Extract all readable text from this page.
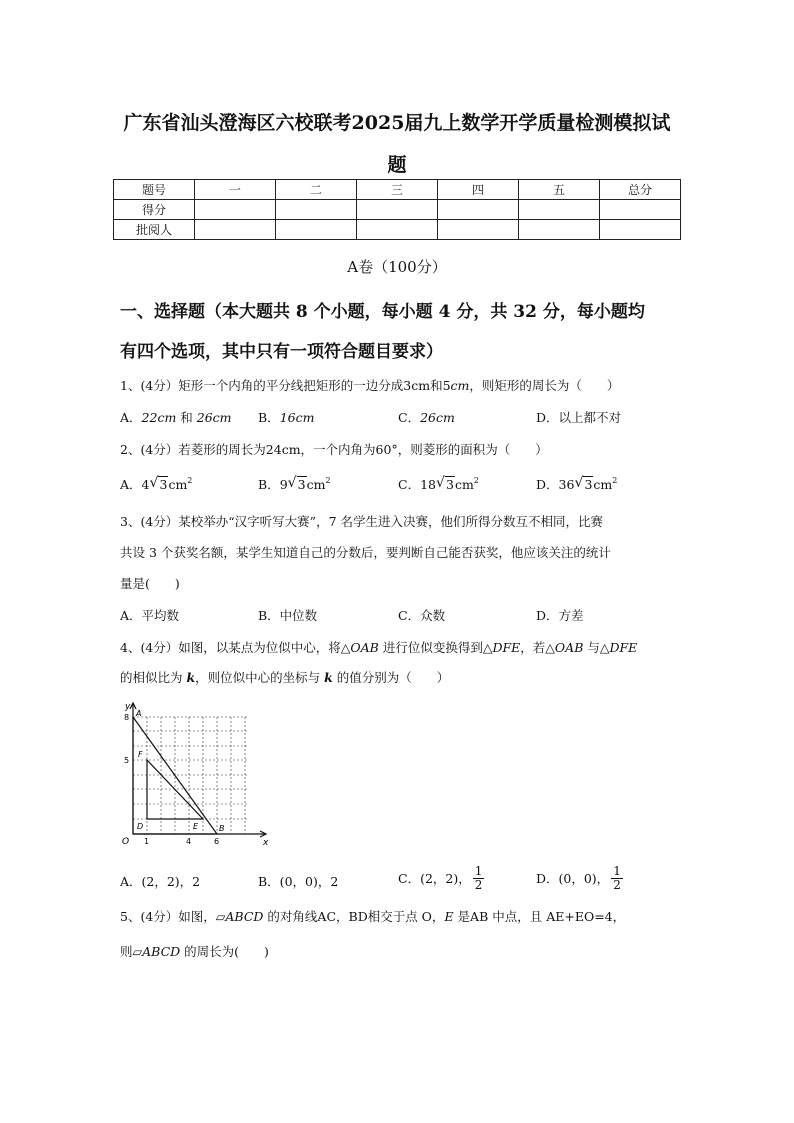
广东省汕头澄海区六校联考2025届九上数学开学质量检测模拟试
题
题号	一	二	三	四	五	总分
得分						
批阅人						
A卷（100分）
一、选择题（本大题共 8 个小题，每小题 4 分，共 32 分，每小题均
有四个选项，其中只有一项符合题目要求）
1、(4分）矩形一个内角的平分线把矩形的一边分成3cm和5cm，则矩形的周长为（　　）
A．22cm 和 26cm B．16cm	C．26cm	D．以上都不对
2、(4分）若菱形的周长为24cm，一个内角为60°，则菱形的面积为（　　）
A．4 √ $3cm^2$	B．9 √ $3cm^2$	C．18 √ $3cm^2$	D．36 √ $3cm^2$
3、(4分）某校举办“汉字听写大赛”，7 名学生进入决赛，他们所得分数互不相同，比赛
共设 3 个获奖名额，某学生知道自己的分数后，要判断自己能否获奖，他应该关注的统计
量是(　　)
A．平均数	B．中位数	C．众数	D．方差
4、(4分）如图，以某点为位似中心，将△OAB 进行位似变换得到△DFE，若△OAB 与△DFE
的相似比为 k，则位似中心的坐标与 k 的值分别为（　　）
y
x
O
8
5
1	4	6
A
F
D	E	B
A．(2，2)，2	B．(0，0)，2	C．(2，2)， $\frac{1}{2}$	D．(0，0)， $\frac{1}{2}$
5、(4分）如图，▱ABCD 的对角线AC，BD相交于点 O，E 是AB 中点，且 AE+EO=4，
则▱ABCD 的周长为(　　)
